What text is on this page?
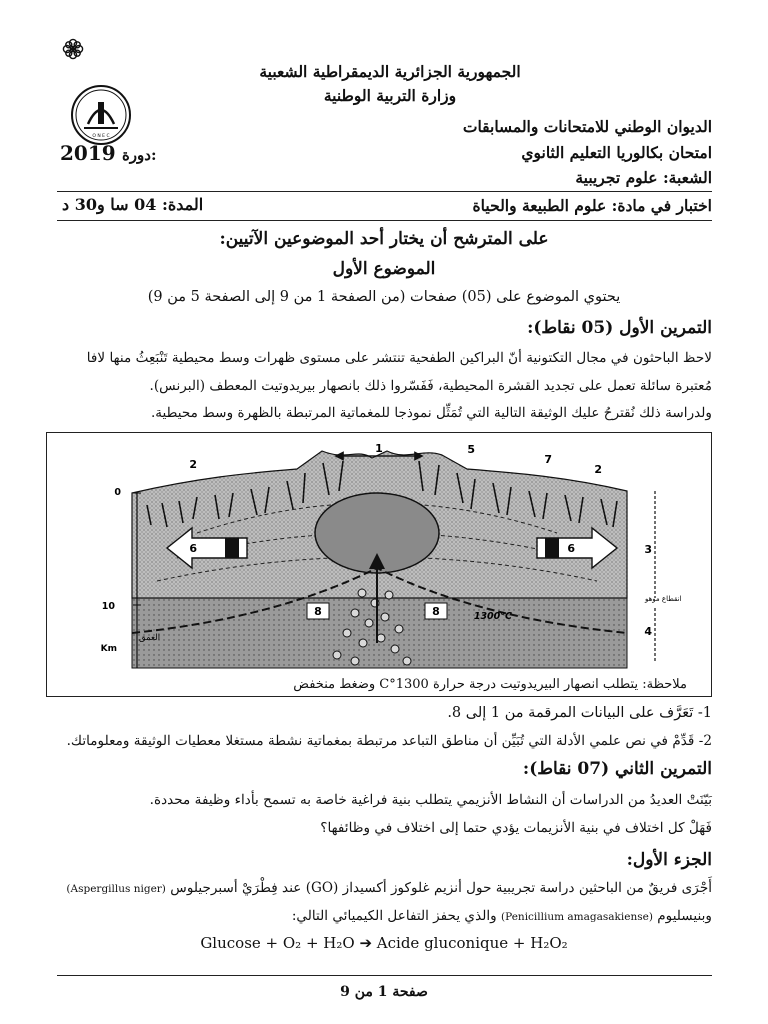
الجمهورية الجزائرية الديمقراطية الشعبية
وزارة التربية الوطنية
O N E C
الديوان الوطني للامتحانات والمسابقات
امتحان بكالوريا التعليم الثانوي
2019 دورة:
الشعبة: علوم تجريبية
اختبار في مادة: علوم الطبيعة والحياة
المدة: 04 سا و30 د
على المترشح أن يختار أحد الموضوعين الآتيين:
الموضوع الأول
يحتوي الموضوع على (05) صفحات (من الصفحة 1 من 9 إلى الصفحة 5 من 9)
التمرين الأول (05 نقاط):
لاحظ الباحثون في مجال التكتونية أنّ البراكين الطفحية تنتشر على مستوى ظهرات وسط محيطية تَنْبَعِثُ منها لافا
مُعتبرة سائلة تعمل على تجديد القشرة المحيطية، فَفَسّروا ذلك بانصهار بيريدوتيت المعطف (البرنس).
ولدراسة ذلك نُقترحُ عليك الوثيقة التالية التي تُمَثِّل نموذجا للمغماتية المرتبطة بالظهرة وسط محيطية.
1
2	2
3
4
5
6	6
7
8	8
0
10
العمق
Km
1300°C
انقطاع موهو
ملاحظة: يتطلب انصهار البيريدوتيت درجة حرارة 1300°C وضغط منخفض
1- تَعَرَّف على البيانات المرقمة من 1 إلى 8.
2- قَدِّمْ في نص علمي الأدلة التي تُبَيِّن أن مناطق التباعد مرتبطة بمغماتية نشطة مستغلا معطيات الوثيقة ومعلوماتك.
التمرين الثاني (07 نقاط):
بَيّنَتْ العديدُ من الدراسات أن النشاط الأنزيمي يتطلب بنية فراغية خاصة به تسمح بأداء وظيفة محددة.
فَهَلْ كل اختلاف في بنية الأنزيمات يؤدي حتما إلى اختلاف في وظائفها؟
الجزء الأول:
أَجْرَى فريقٌ من الباحثين دراسة تجريبية حول أنزيم غلوكوز أكسيداز (GO) عند فِطْرَيْ أسبرجيلوس (Aspergillus niger)
وبنيسليوم (Penicillium amagasakiense) والذي يحفز التفاعل الكيميائي التالي:
Glucose + O₂ + H₂O ➔ Acide gluconique + H₂O₂
صفحة 1 من 9
